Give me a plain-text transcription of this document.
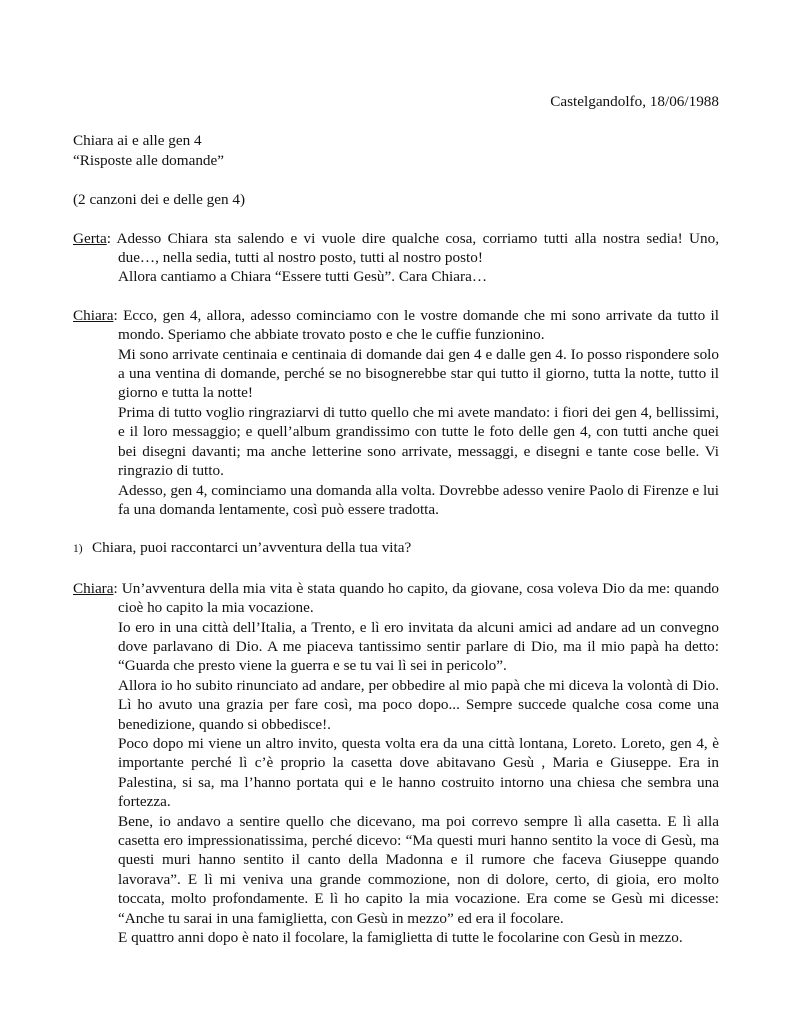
Castelgandolfo, 18/06/1988

Chiara ai e alle gen 4

“Risposte alle domande”

(2 canzoni dei e delle gen 4)

Gerta: Adesso Chiara sta salendo e vi vuole dire qualche cosa, corriamo tutti alla nostra sedia! Uno, due…, nella sedia, tutti al nostro posto, tutti al nostro posto!
Allora cantiamo a Chiara “Essere tutti Gesù”. Cara Chiara…
Chiara: Ecco, gen 4, allora, adesso cominciamo con le vostre domande che mi sono arrivate da tutto il mondo. Speriamo che abbiate trovato posto e che le cuffie funzionino.
Mi sono arrivate centinaia e centinaia di domande dai gen 4 e dalle gen 4. Io posso rispondere solo a una ventina di domande, perché se no bisognerebbe star qui tutto il giorno, tutta la notte, tutto il giorno e tutta la notte!
Prima di tutto voglio ringraziarvi di tutto quello che mi avete mandato: i fiori dei gen 4, bellissimi, e il loro messaggio; e quell’album grandissimo con tutte le foto delle gen 4, con tutti anche quei bei disegni davanti; ma anche letterine sono arrivate, messaggi, e disegni e tante cose belle. Vi ringrazio di tutto.
Adesso, gen 4, cominciamo una domanda alla volta. Dovrebbe adesso venire Paolo di Firenze e lui fa una domanda lentamente, così può essere tradotta.

1) Chiara, puoi raccontarci un’avventura della tua vita?

Chiara: Un’avventura della mia vita è stata quando ho capito, da giovane, cosa voleva Dio da me: quando cioè ho capito la mia vocazione.
Io ero in una città dell’Italia, a Trento, e lì ero invitata da alcuni amici ad andare ad un convegno dove parlavano di Dio. A me piaceva tantissimo sentir parlare di Dio, ma il mio papà ha detto: “Guarda che presto viene la guerra e se tu vai lì sei in pericolo”.
Allora io ho subito rinunciato ad andare, per obbedire al mio papà che mi diceva la volontà di Dio. Lì ho avuto una grazia per fare così, ma poco dopo... Sempre succede qualche cosa come una benedizione, quando si obbedisce!.
Poco dopo mi viene un altro invito, questa volta era da una città lontana, Loreto. Loreto, gen 4, è importante perché lì c’è proprio la casetta dove abitavano Gesù , Maria e Giuseppe. Era in Palestina, si sa, ma l’hanno portata qui e le hanno costruito intorno una chiesa che sembra una fortezza.
Bene, io andavo a sentire quello che dicevano, ma poi correvo sempre lì alla casetta. E lì alla casetta ero impressionatissima, perché dicevo: “Ma questi muri hanno sentito la voce di Gesù, ma questi muri hanno sentito il canto della Madonna e il rumore che faceva Giuseppe quando lavorava”. E lì mi veniva una grande commozione, non di dolore, certo, di gioia, ero molto toccata, molto profondamente. E lì ho capito la mia vocazione. Era come se Gesù mi dicesse: “Anche tu sarai in una famiglietta, con Gesù in mezzo” ed era il focolare.
E quattro anni dopo è nato il focolare, la famiglietta di tutte le focolarine con Gesù in mezzo.
